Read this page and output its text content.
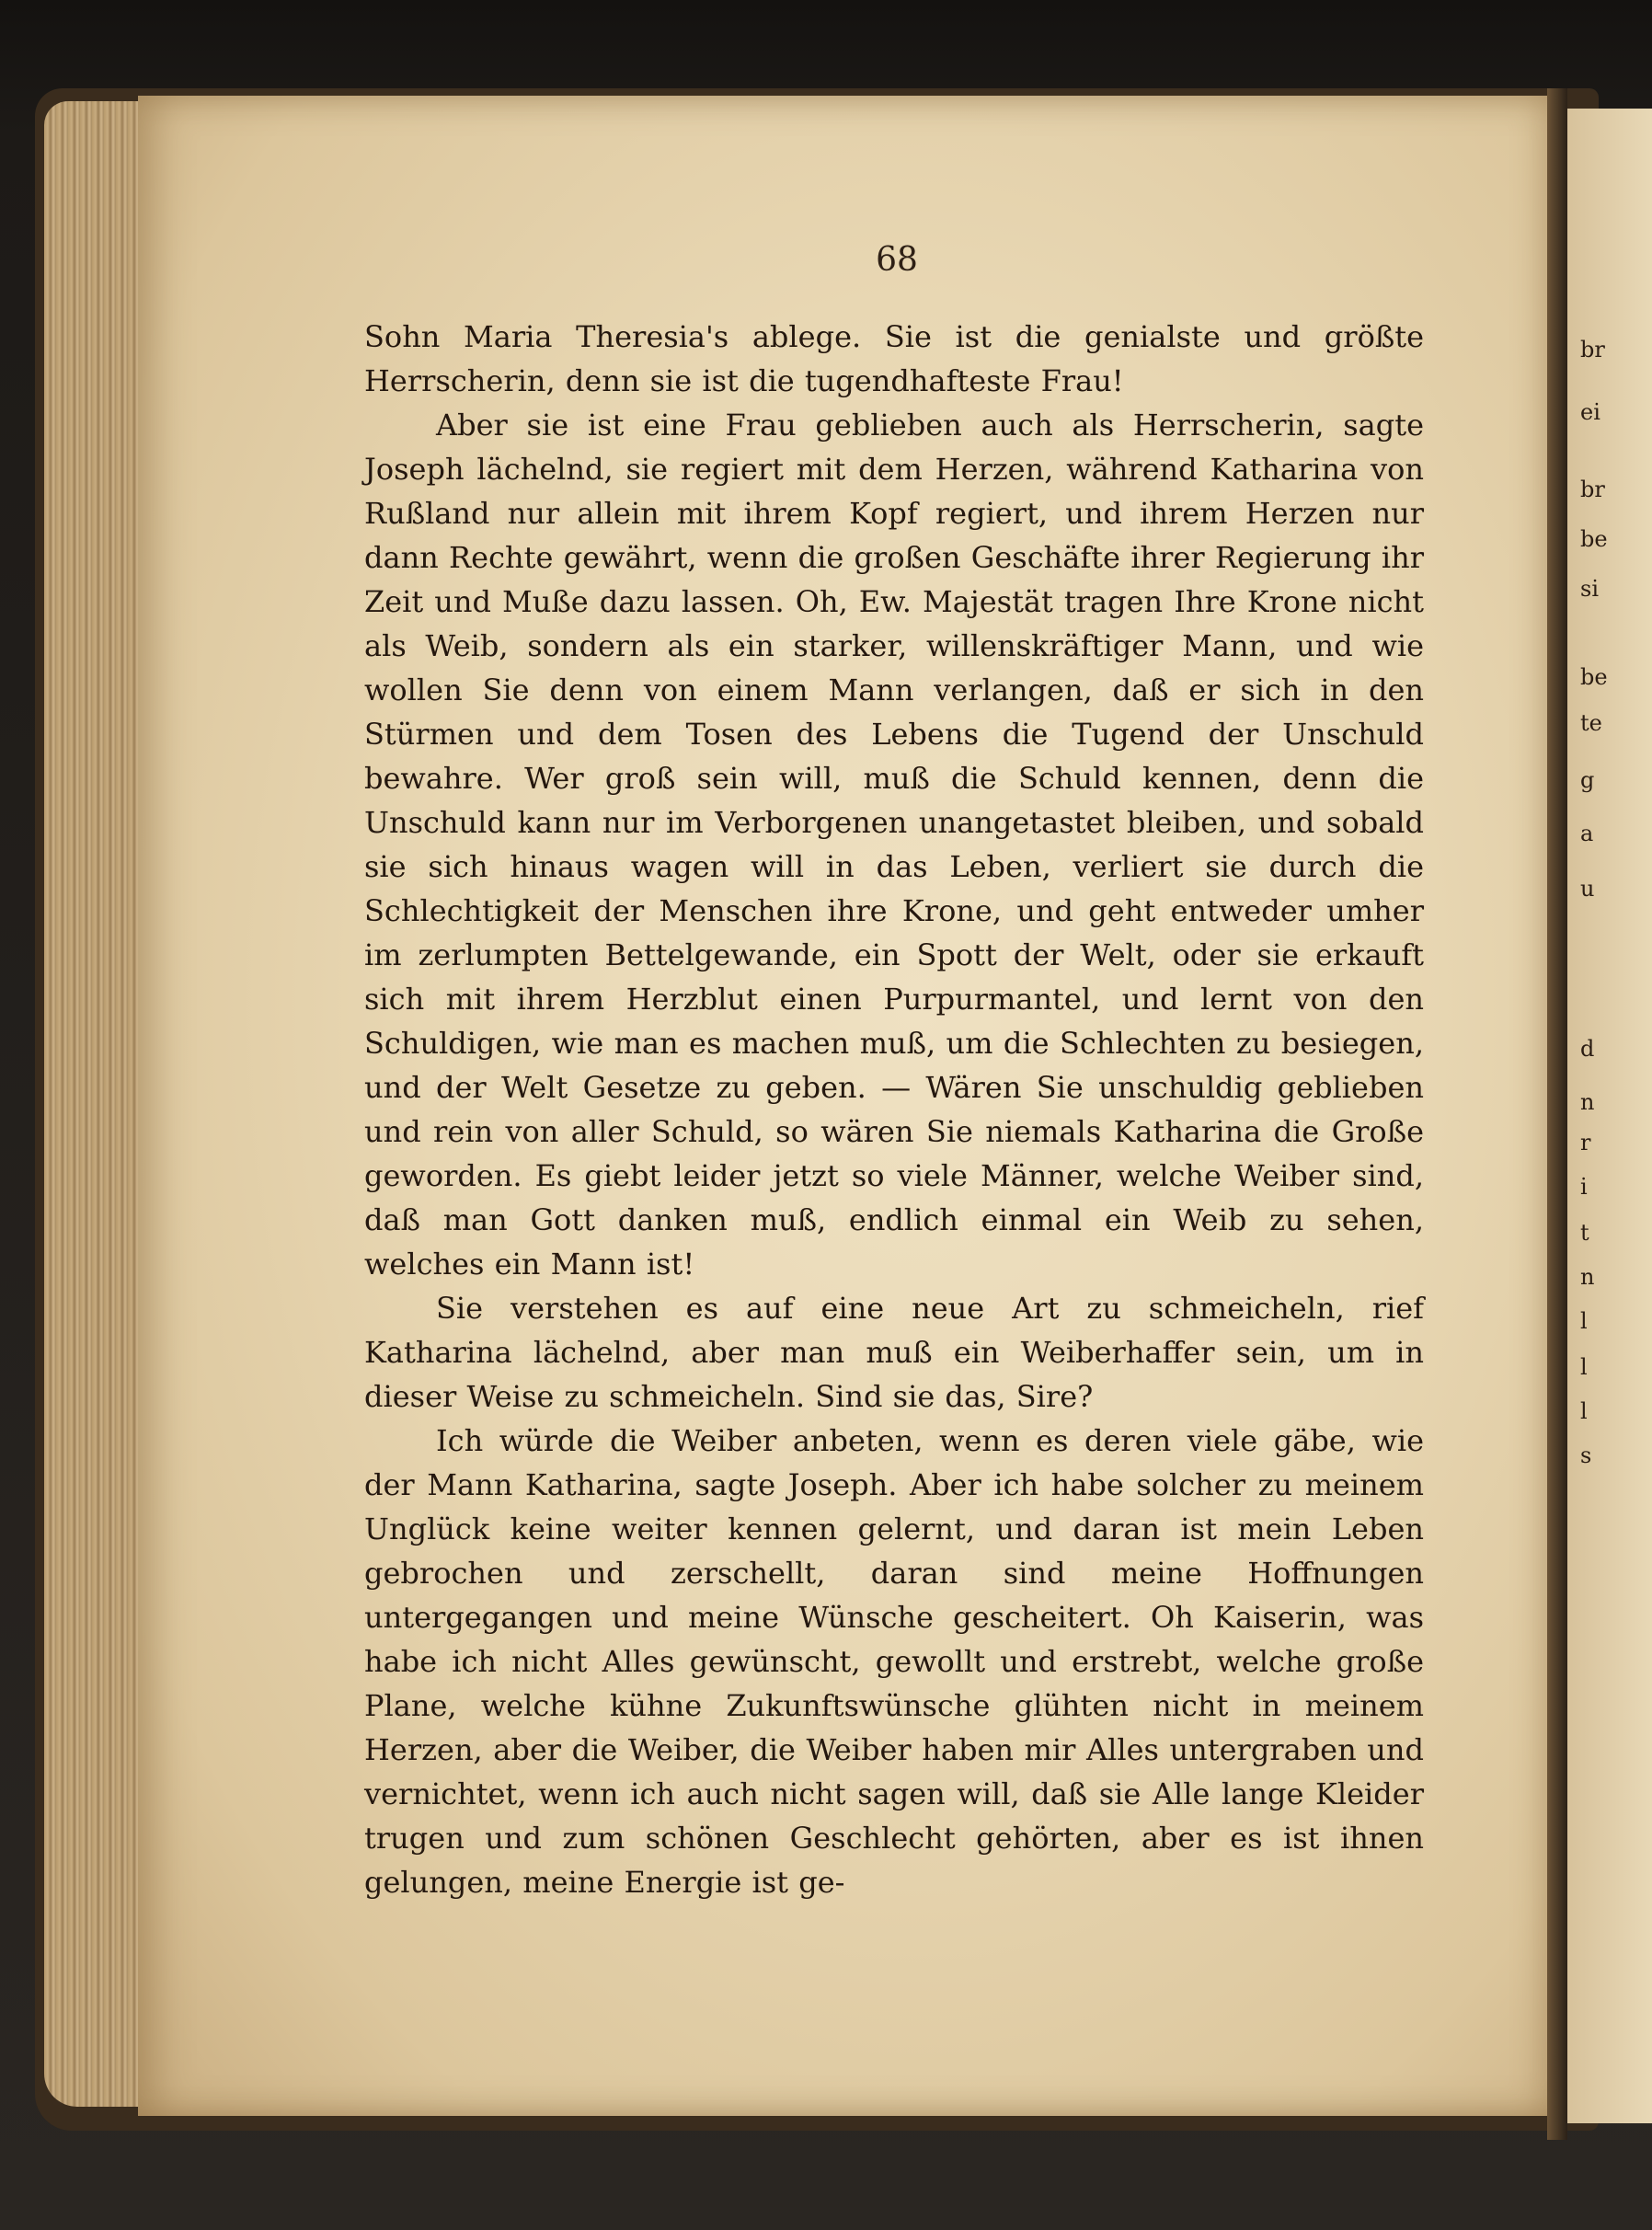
br
ei
br
be
si
be
te
g
a
u
d
n
r
i
t
n
l
l
l
s
68

Sohn Maria Theresia's ablege. Sie ist die genialste und größte Herrscherin, denn sie ist die tugendhafteste Frau!

Aber sie ist eine Frau geblieben auch als Herrscherin, sagte Joseph lächelnd, sie regiert mit dem Herzen, während Katharina von Rußland nur allein mit ihrem Kopf regiert, und ihrem Herzen nur dann Rechte gewährt, wenn die großen Geschäfte ihrer Regierung ihr Zeit und Muße dazu lassen. Oh, Ew. Majestät tragen Ihre Krone nicht als Weib, sondern als ein starker, willenskräftiger Mann, und wie wollen Sie denn von einem Mann verlangen, daß er sich in den Stürmen und dem Tosen des Lebens die Tugend der Unschuld bewahre. Wer groß sein will, muß die Schuld kennen, denn die Unschuld kann nur im Verborgenen unangetastet bleiben, und sobald sie sich hinaus wagen will in das Leben, verliert sie durch die Schlechtigkeit der Menschen ihre Krone, und geht entweder umher im zerlumpten Bettelgewande, ein Spott der Welt, oder sie erkauft sich mit ihrem Herzblut einen Purpurmantel, und lernt von den Schuldigen, wie man es machen muß, um die Schlechten zu besiegen, und der Welt Gesetze zu geben. — Wären Sie unschuldig geblieben und rein von aller Schuld, so wären Sie niemals Katharina die Große geworden. Es giebt leider jetzt so viele Männer, welche Weiber sind, daß man Gott danken muß, endlich einmal ein Weib zu sehen, welches ein Mann ist!

Sie verstehen es auf eine neue Art zu schmeicheln, rief Katharina lächelnd, aber man muß ein Weiberhaffer sein, um in dieser Weise zu schmeicheln. Sind sie das, Sire?

Ich würde die Weiber anbeten, wenn es deren viele gäbe, wie der Mann Katharina, sagte Joseph. Aber ich habe solcher zu meinem Unglück keine weiter kennen gelernt, und daran ist mein Leben gebrochen und zerschellt, daran sind meine Hoffnungen untergegangen und meine Wünsche gescheitert. Oh Kaiserin, was habe ich nicht Alles gewünscht, gewollt und erstrebt, welche große Plane, welche kühne Zukunftswünsche glühten nicht in meinem Herzen, aber die Weiber, die Weiber haben mir Alles untergraben und vernichtet, wenn ich auch nicht sagen will, daß sie Alle lange Kleider trugen und zum schönen Geschlecht gehörten, aber es ist ihnen gelungen, meine Energie ist ge-
